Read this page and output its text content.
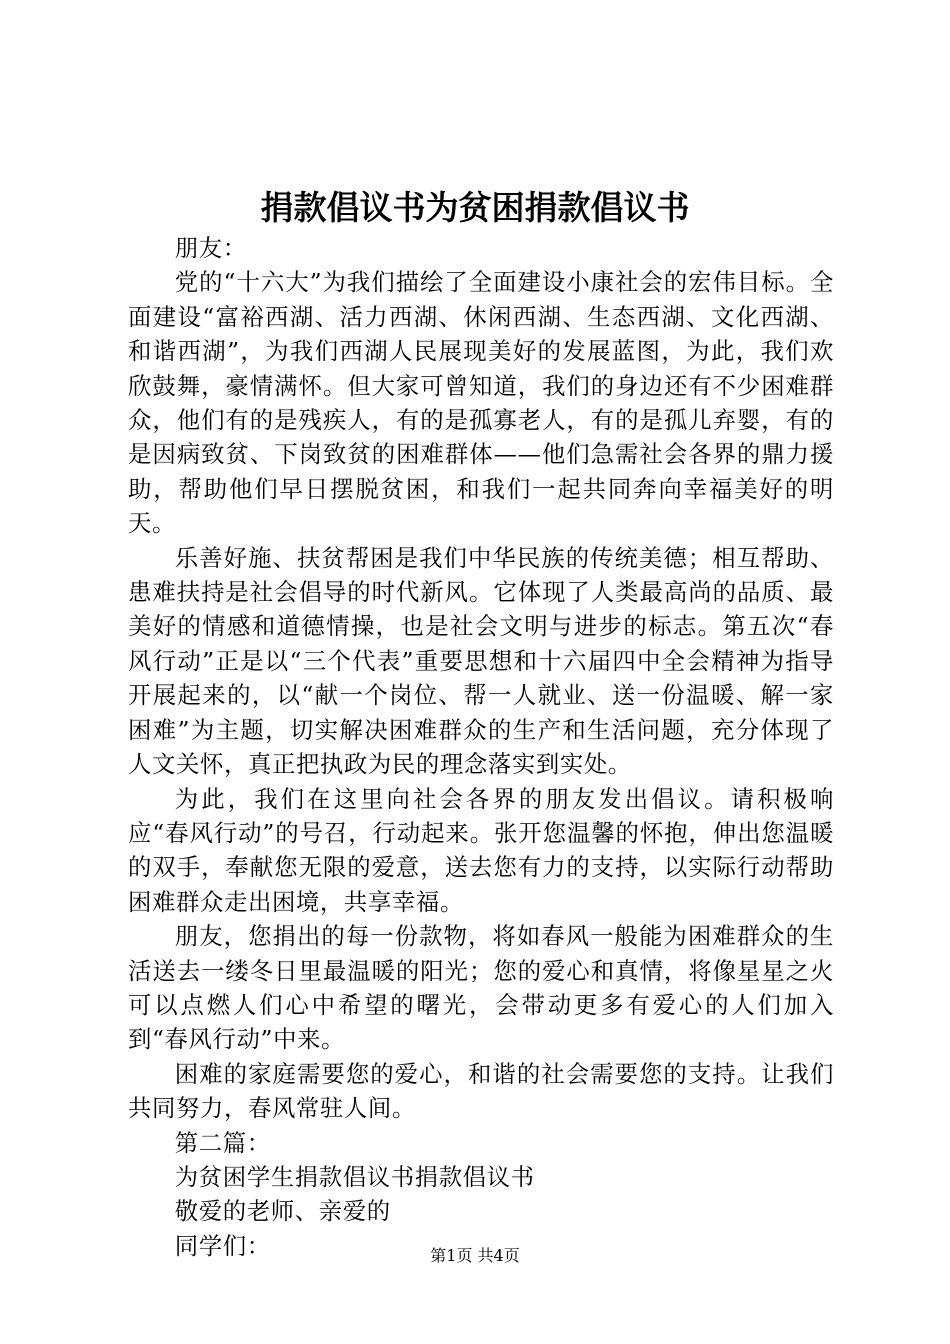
捐款倡议书为贫困捐款倡议书

朋友：

党的“十六大”为我们描绘了全面建设小康社会的宏伟目标。全面建设“富裕西湖、活力西湖、休闲西湖、生态西湖、文化西湖、和谐西湖”，为我们西湖人民展现美好的发展蓝图，为此，我们欢欣鼓舞，豪情满怀。但大家可曾知道，我们的身边还有不少困难群众，他们有的是残疾人，有的是孤寡老人，有的是孤儿弃婴，有的是因病致贫、下岗致贫的困难群体——他们急需社会各界的鼎力援助，帮助他们早日摆脱贫困，和我们一起共同奔向幸福美好的明天。

乐善好施、扶贫帮困是我们中华民族的传统美德；相互帮助、患难扶持是社会倡导的时代新风。它体现了人类最高尚的品质、最美好的情感和道德情操，也是社会文明与进步的标志。第五次“春风行动”正是以“三个代表”重要思想和十六届四中全会精神为指导开展起来的，以“献一个岗位、帮一人就业、送一份温暖、解一家困难”为主题，切实解决困难群众的生产和生活问题，充分体现了人文关怀，真正把执政为民的理念落实到实处。

为此，我们在这里向社会各界的朋友发出倡议。请积极响应“春风行动”的号召，行动起来。张开您温馨的怀抱，伸出您温暖的双手，奉献您无限的爱意，送去您有力的支持，以实际行动帮助困难群众走出困境，共享幸福。

朋友，您捐出的每一份款物，将如春风一般能为困难群众的生活送去一缕冬日里最温暖的阳光；您的爱心和真情，将像星星之火可以点燃人们心中希望的曙光，会带动更多有爱心的人们加入到“春风行动”中来。

困难的家庭需要您的爱心，和谐的社会需要您的支持。让我们共同努力，春风常驻人间。

第二篇：

为贫困学生捐款倡议书捐款倡议书

敬爱的老师、亲爱的

同学们：	第1页 共4页
